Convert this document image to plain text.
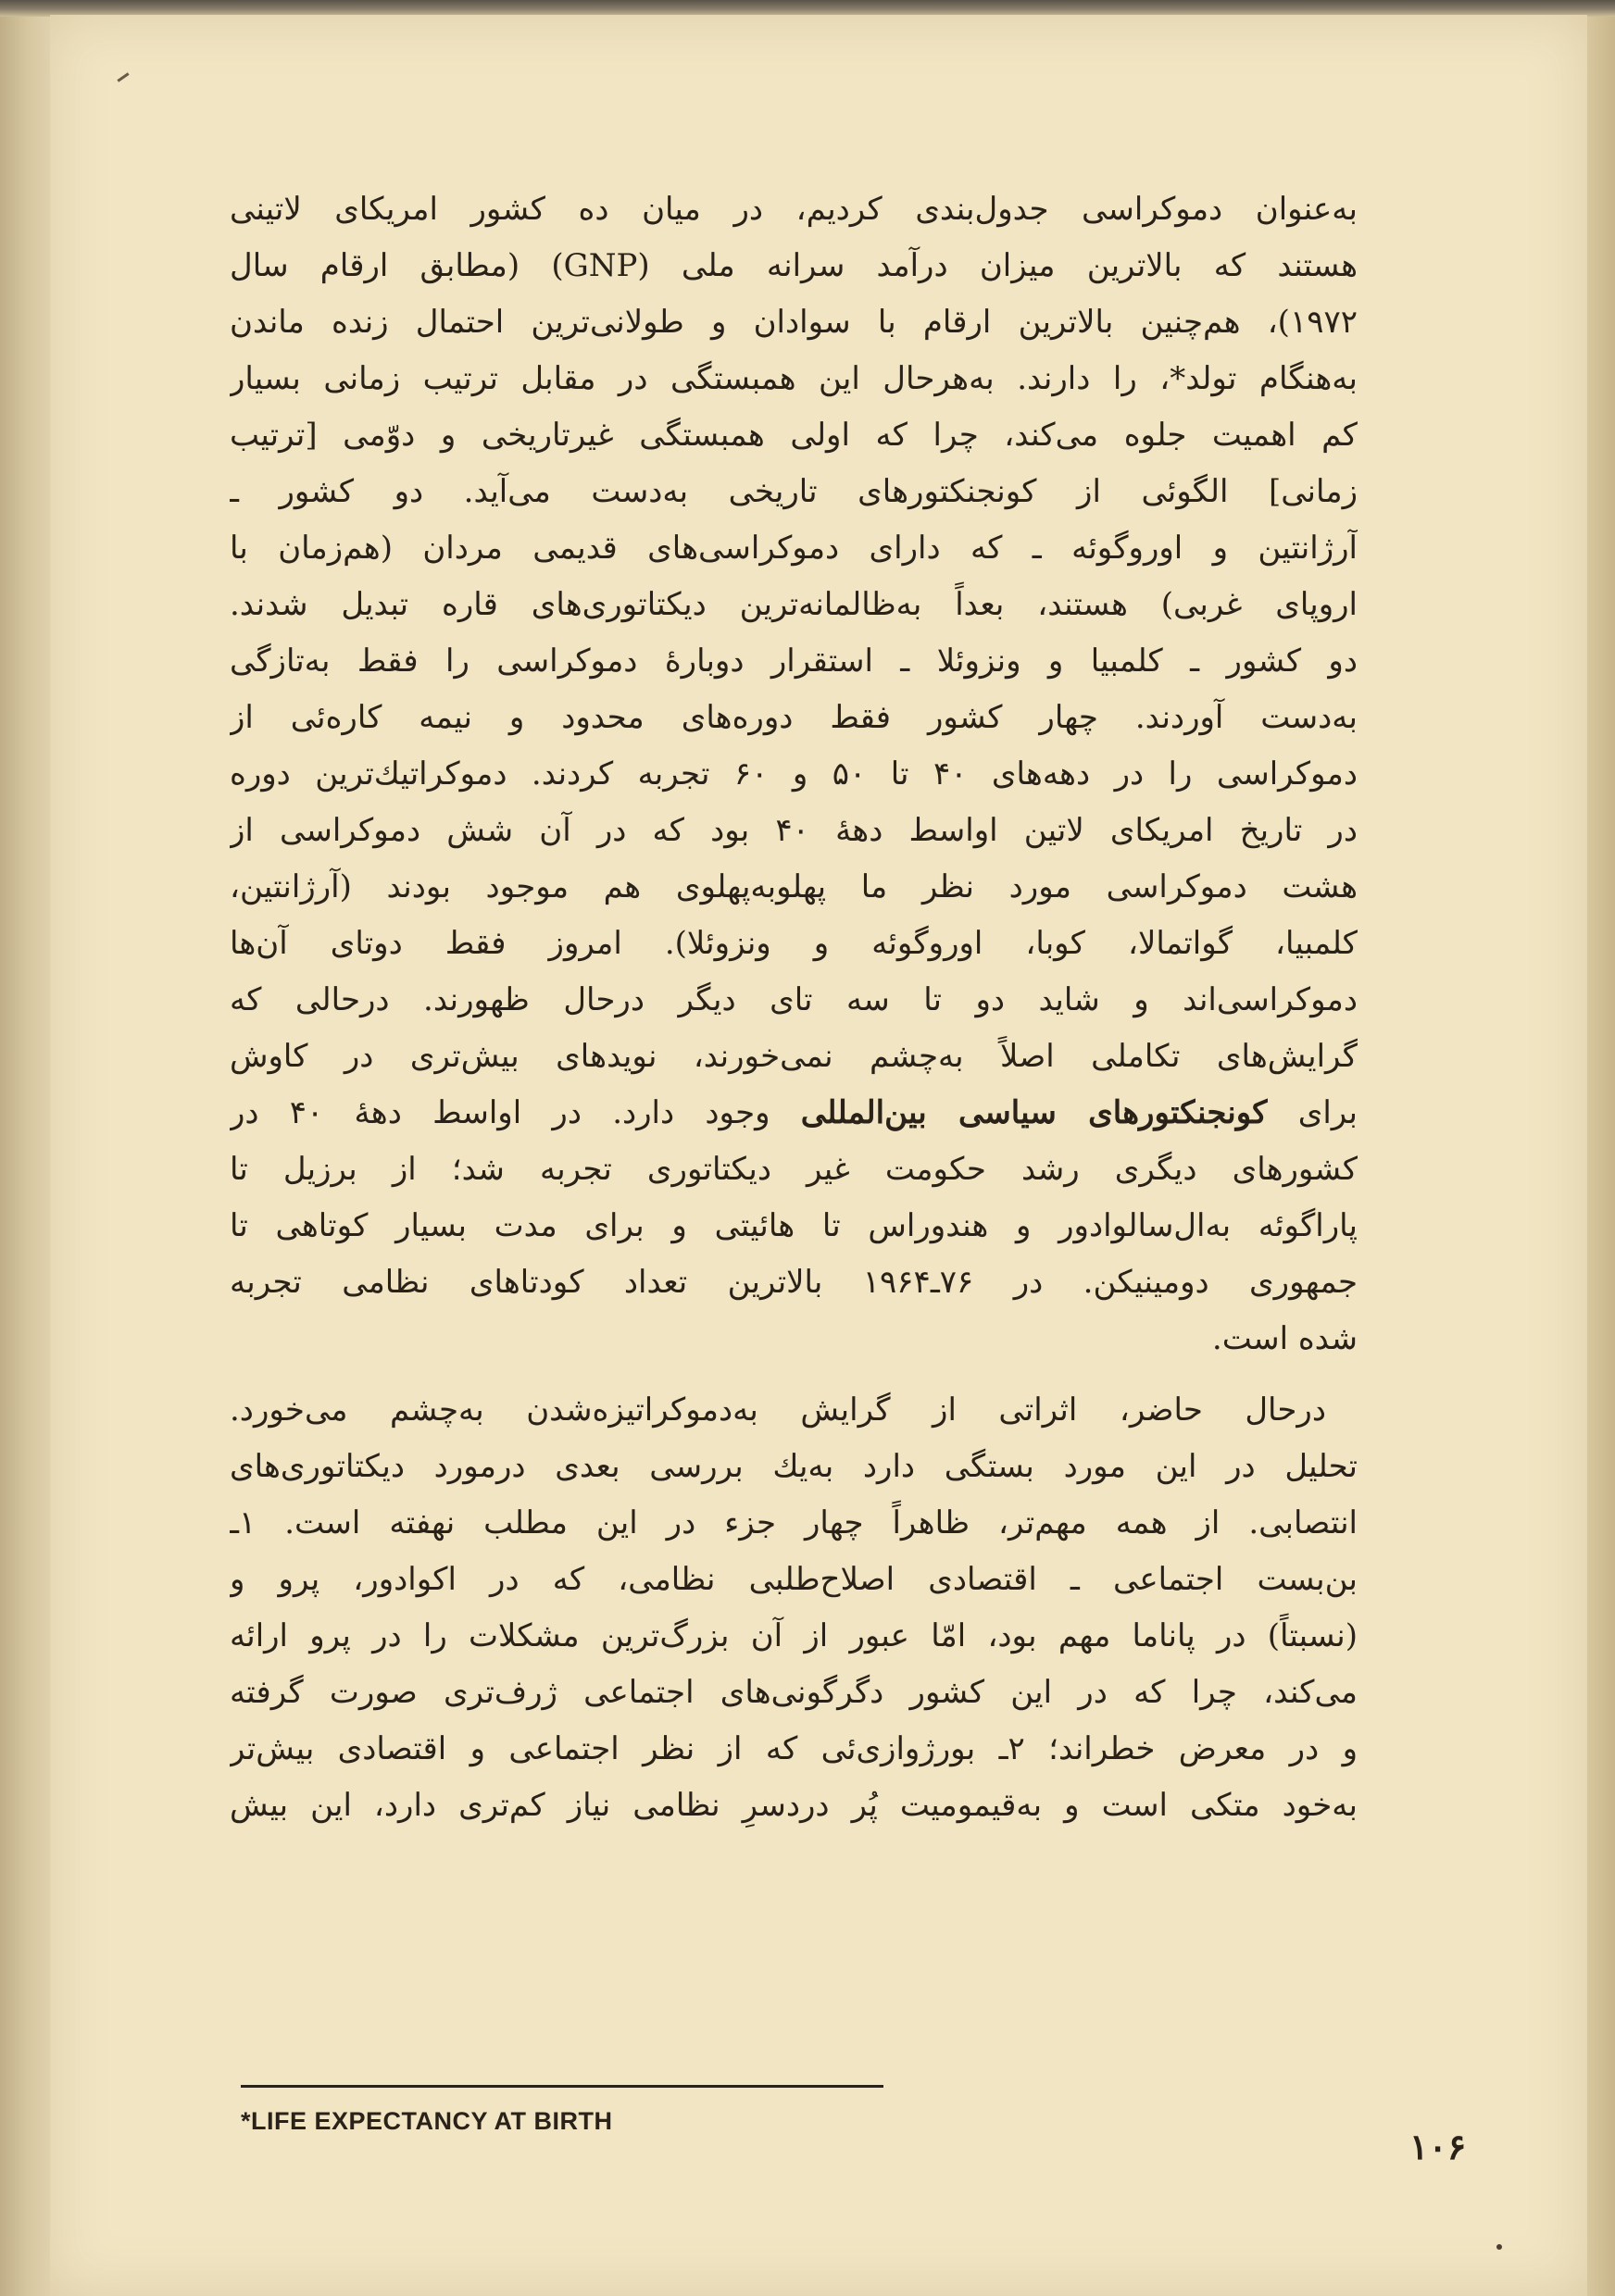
به‌عنوان دموکراسی جدول‌بندی کردیم، در میان ده کشور امریکای لاتینی
هستند که بالاترین میزان درآمد سرانه ملی (GNP) (مطابق ارقام سال
۱۹۷۲)، هم‌چنین بالاترین ارقام با سوادان و طولانی‌ترین احتمال زنده ماندن
به‌هنگام تولد*، را دارند. به‌هرحال این همبستگی در مقابل ترتیب زمانی بسیار
کم اهمیت جلوه می‌کند، چرا که اولی همبستگی غیرتاریخی و دوّمی [ترتیب
زمانی] الگوئی از کونجنکتورهای تاریخی به‌دست می‌آید. دو کشور ـ
آرژانتین و اوروگوئه ـ که دارای دموکراسی‌های قدیمی مردان (هم‌زمان با
اروپای غربی) هستند، بعداً به‌ظالمانه‌ترین دیکتاتوری‌های قاره تبدیل شدند.
دو کشور ـ کلمبیا و ونزوئلا ـ استقرار دوبارهٔ دموکراسی را فقط به‌تازگی
به‌دست آوردند. چهار کشور فقط دوره‌های محدود و نیمه کاره‌ئی از
دموکراسی را در دهه‌های ۴۰ تا ۵۰ و ۶۰ تجربه کردند. دموکراتیك‌ترین دوره
در تاریخ امریکای لاتین اواسط دههٔ ۴۰ بود که در آن شش دموکراسی از
هشت دموکراسی مورد نظر ما پهلوبه‌پهلوی هم موجود بودند (آرژانتین،
کلمبیا، گواتمالا، کوبا، اوروگوئه و ونزوئلا). امروز فقط دوتای آن‌ها
دموکراسی‌اند و شاید دو تا سه تای دیگر درحال ظهورند. درحالی که
گرایش‌های تکاملی اصلاً به‌چشم نمی‌خورند، نویدهای بیش‌تری در کاوش
برای کونجنکتورهای سیاسی بین‌المللی وجود دارد. در اواسط دههٔ ۴۰ در
کشورهای دیگری رشد حکومت غیر دیکتاتوری تجربه شد؛ از برزیل تا
پاراگوئه به‌ال‌سالوادور و هندوراس تا هائیتی و برای مدت بسیار کوتاهی تا
جمهوری دومینیکن. در ۷۶ـ۱۹۶۴ بالاترین تعداد کودتاهای نظامی تجربه
شده است.
درحال حاضر، اثراتی از گرایش به‌دموکراتیزه‌شدن به‌چشم می‌خورد.
تحلیل در این مورد بستگی دارد به‌یك بررسی بعدی درمورد دیکتاتوری‌های
انتصابی. از همه مهم‌تر، ظاهراً چهار جزء در این مطلب نهفته است. ۱ـ
بن‌بست اجتماعی ـ اقتصادی اصلاح‌طلبی نظامی، که در اکوادور، پرو و
(نسبتاً) در پاناما مهم بود، امّا عبور از آن بزرگ‌ترین مشکلات را در پرو ارائه
می‌کند، چرا که در این کشور دگرگونی‌های اجتماعی ژرف‌تری صورت گرفته
و در معرض خطراند؛ ۲ـ بورژوازی‌ئی که از نظر اجتماعی و اقتصادی بیش‌تر
به‌خود متکی است و به‌قیمومیت پُر دردسرِ نظامی نیاز کم‌تری دارد، این بیش
*LIFE EXPECTANCY AT BIRTH
۱۰۶
